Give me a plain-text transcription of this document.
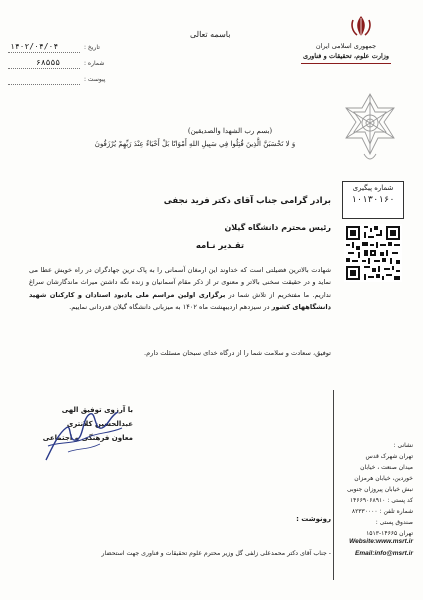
باسمه تعالی
تاریخ :
۱۴۰۲/۰۴/۰۴
شماره :
۶۸۵۵۵
پیوست :
جمهوری اسلامی ایران
وزارت علوم، تحقیقات و فناوری
شماره پیگیری
۱۰۱۳۰۱۶۰
(بسم رب الشهدا والصدیقین)
وَ لا تَحْسَبَنَّ الَّذِينَ قُتِلُوا فِي سَبِيلِ اللهِ أَمْوَاتًا بَلْ أَحْيَاءٌ عِنْدَ رَبِّهِمْ يُرْزَقُونَ
برادر گرامی جناب آقای دکتر فرید نجفی
رئیس محترم دانشگاه گیلان
تقـدیر نـامه
شهادت بالاترین فضیلتی است که خداوند این ارمغان آسمانی را به پاک ترین جهادگران در راه خویش عطا می نماید و در حقیقت سخنی بالاتر و معنوی تر از ذکر مقام آسمانیان و زنده نگه داشتن میراث ماندگارشان سراغ نداریم. ما مفتخریم از تلاش شما در برگزاری اولین مراسم ملی یادبود استادان و کارکنان شهید دانشگاههای کشور در سیزدهم اردیبهشت ماه ۱۴۰۲ به میزبانی دانشگاه گیلان قدردانی نماییم.
توفیق، سعادت و سلامت شما را از درگاه خدای سبحان مسئلت دارم.
با آرزوی توفیق الهی
عبدالحسین کلانتری
معاون فرهنگی و اجتماعی
رونوشت :
- جناب آقای دکتر محمدعلی زلفی گل وزیر محترم علوم تحقیقات و فناوری جهت استحضار
نشانی :
تهران شهرک قدس
میدان صنعت ، خیابان
خوردین، خیابان هرمزان
نبش خیابان پیروزان جنوبی
کد پستی : ۱۴۶۶۹۰۶۸۹۱۰
شماره تلفن : ۸۲۳۳۰۰۰۰
صندوق پستی :
تهران ۱۴۶۶۵-۱۵۱۳
Website:www.msrt.ir
Email:info@msrt.ir
